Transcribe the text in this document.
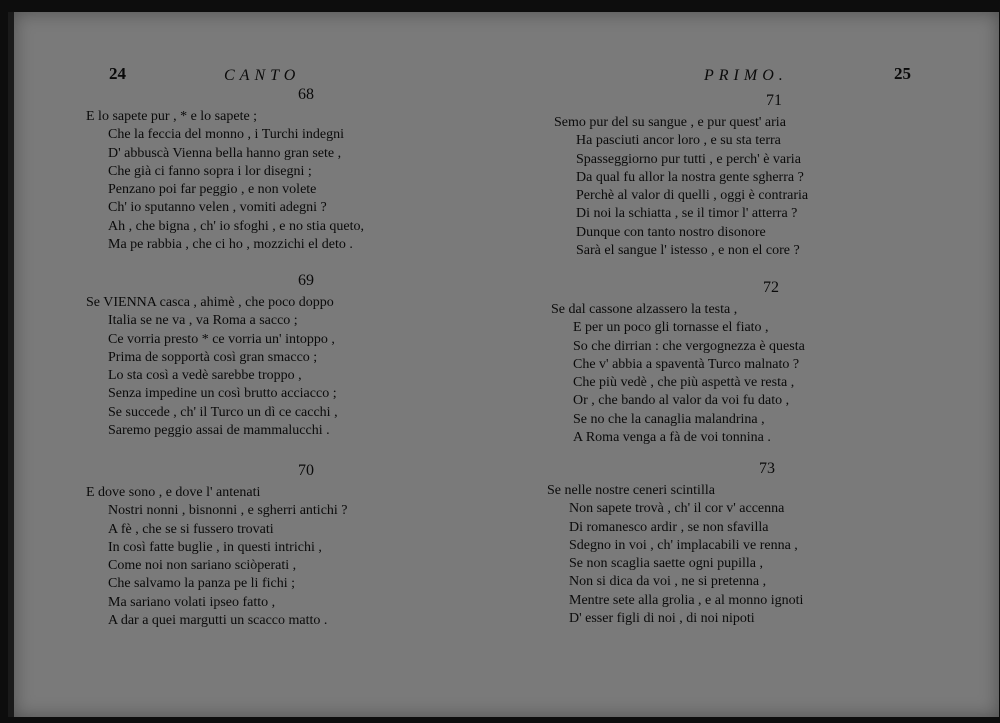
24	CANTO
68
E lo sapete pur , * e lo sapete ;
Che la feccia del monno , i Turchi indegni
D' abbuscà Vienna bella hanno gran sete ,
Che già ci fanno sopra i lor disegni ;
Penzano poi far peggio , e non volete
Ch' io sputanno velen , vomiti adegni ?
Ah , che bigna , ch' io sfoghi , e no stia queto,
Ma pe rabbia , che ci ho , mozzichi el deto .
69
Se VIENNA casca , ahimè , che poco doppo
Italia se ne va , va Roma a sacco ;
Ce vorria presto * ce vorria un' intoppo ,
Prima de sopportà così gran smacco ;
Lo sta così a vedè sarebbe troppo ,
Senza impedine un così brutto acciacco ;
Se succede , ch' il Turco un dì ce cacchi ,
Saremo peggio assai de mammalucchi .
70
E dove sono , e dove l' antenati
Nostri nonni , bisnonni , e sgherri antichi ?
A fè , che se si fussero trovati
In così fatte buglie , in questi intrichi ,
Come noi non sariano sciòperati ,
Che salvamo la panza pe li fichi ;
Ma sariano volati ipseo fatto ,
A dar a quei margutti un scacco matto .
PRIMO.	25
71
Semo pur del su sangue , e pur quest' aria
Ha pasciuti ancor loro , e su sta terra
Spasseggiorno pur tutti , e perch' è varia
Da qual fu allor la nostra gente sgherra ?
Perchè al valor di quelli , oggi è contraria
Di noi la schiatta , se il timor l' atterra ?
Dunque con tanto nostro disonore
Sarà el sangue l' istesso , e non el core ?
72
Se dal cassone alzassero la testa ,
E per un poco gli tornasse el fiato ,
So che dirrian : che vergognezza è questa
Che v' abbia a spaventà Turco malnato ?
Che più vedè , che più aspettà ve resta ,
Or , che bando al valor da voi fu dato ,
Se no che la canaglia malandrina ,
A Roma venga a fà de voi tonnina .
73
Se nelle nostre ceneri scintilla
Non sapete trovà , ch' il cor v' accenna
Di romanesco ardir , se non sfavilla
Sdegno in voi , ch' implacabili ve renna ,
Se non scaglia saette ogni pupilla ,
Non si dica da voi , ne si pretenna ,
Mentre sete alla grolia , e al monno ignoti
D' esser figli di noi , di noi nipoti
